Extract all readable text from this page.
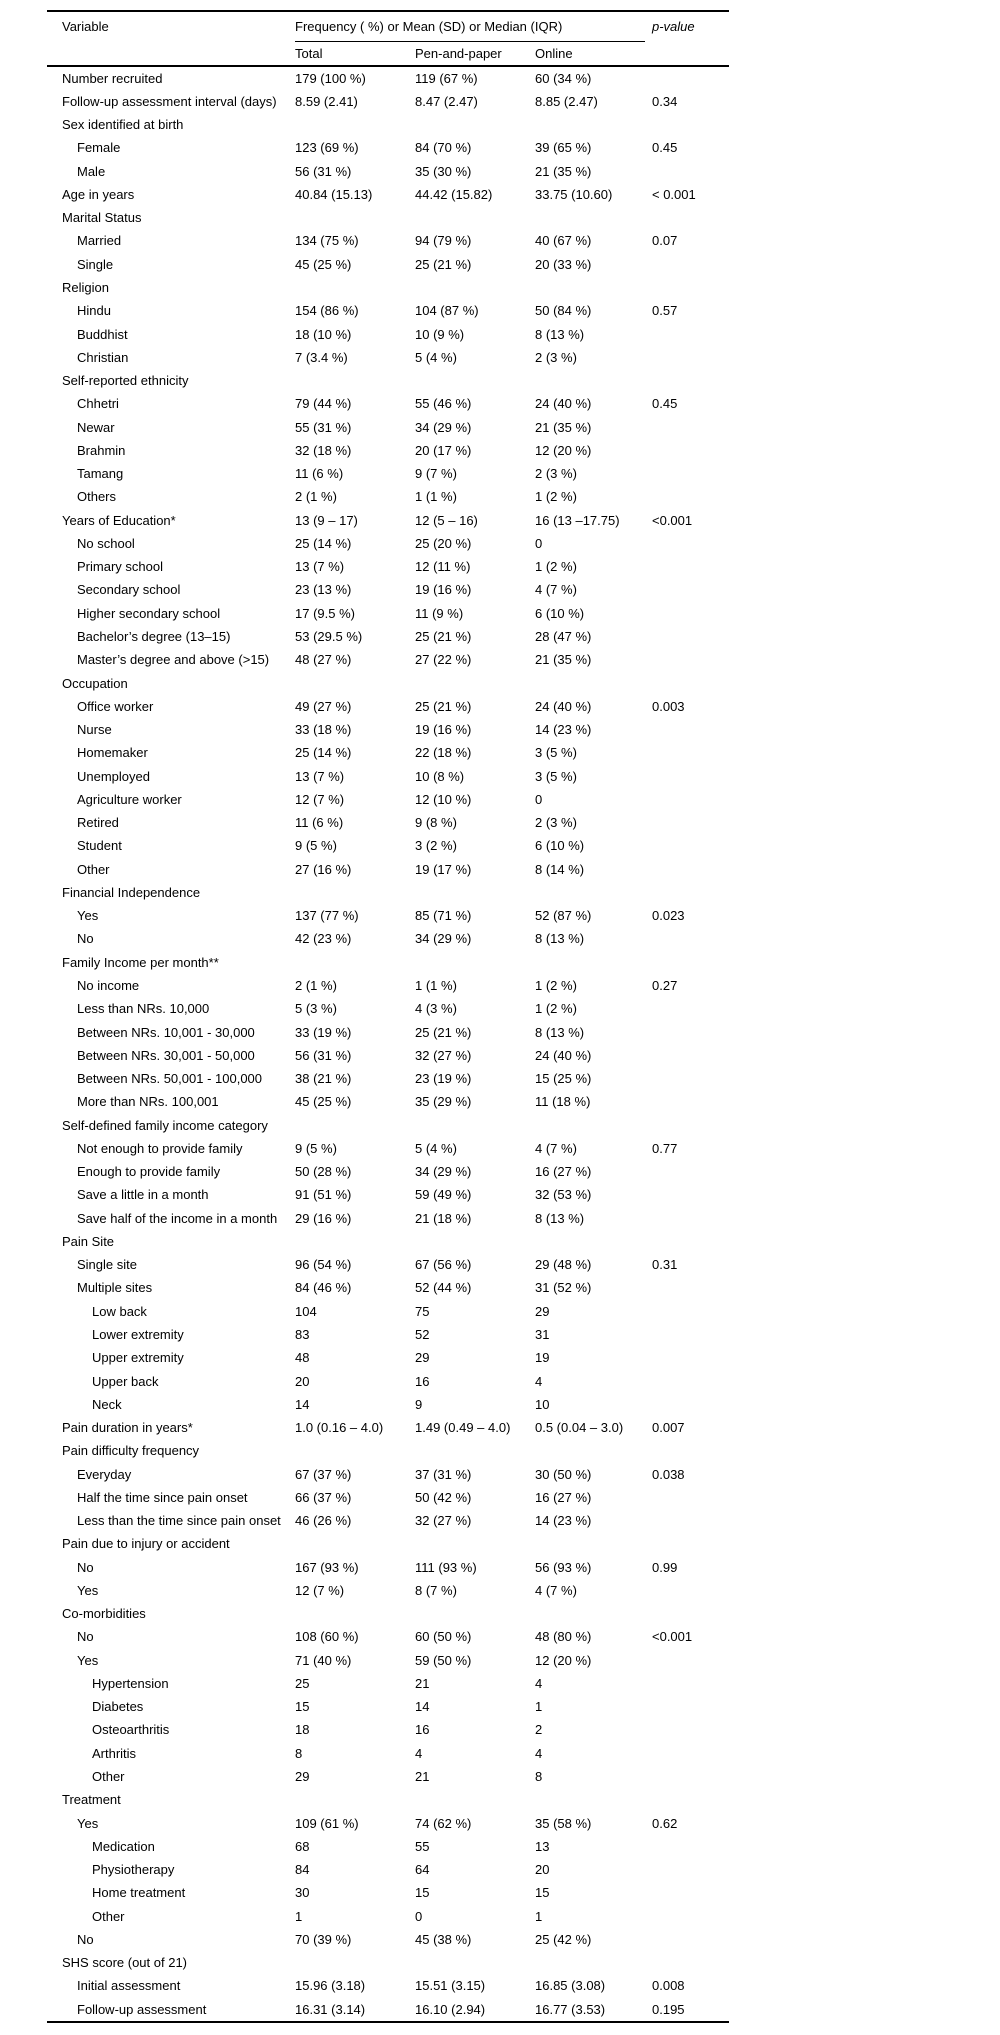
Variable	Frequency ( %) or Mean (SD) or Median (IQR)	p-value
Total	Pen-and-paper	Online
Number recruited	179 (100 %)	119 (67 %)	60 (34 %)
Follow-up assessment interval (days)	8.59 (2.41)	8.47 (2.47)	8.85 (2.47)	0.34
Sex identified at birth
Female	123 (69 %)	84 (70 %)	39 (65 %)	0.45
Male	56 (31 %)	35 (30 %)	21 (35 %)
Age in years	40.84 (15.13)	44.42 (15.82)	33.75 (10.60)	< 0.001
Marital Status
Married	134 (75 %)	94 (79 %)	40 (67 %)	0.07
Single	45 (25 %)	25 (21 %)	20 (33 %)
Religion
Hindu	154 (86 %)	104 (87 %)	50 (84 %)	0.57
Buddhist	18 (10 %)	10 (9 %)	8 (13 %)
Christian	7 (3.4 %)	5 (4 %)	2 (3 %)
Self-reported ethnicity
Chhetri	79 (44 %)	55 (46 %)	24 (40 %)	0.45
Newar	55 (31 %)	34 (29 %)	21 (35 %)
Brahmin	32 (18 %)	20 (17 %)	12 (20 %)
Tamang	11 (6 %)	9 (7 %)	2 (3 %)
Others	2 (1 %)	1 (1 %)	1 (2 %)
Years of Education*	13 (9 – 17)	12 (5 – 16)	16 (13 –17.75)	<0.001
No school	25 (14 %)	25 (20 %)	0
Primary school	13 (7 %)	12 (11 %)	1 (2 %)
Secondary school	23 (13 %)	19 (16 %)	4 (7 %)
Higher secondary school	17 (9.5 %)	11 (9 %)	6 (10 %)
Bachelor’s degree (13–15)	53 (29.5 %)	25 (21 %)	28 (47 %)
Master’s degree and above (>15)	48 (27 %)	27 (22 %)	21 (35 %)
Occupation
Office worker	49 (27 %)	25 (21 %)	24 (40 %)	0.003
Nurse	33 (18 %)	19 (16 %)	14 (23 %)
Homemaker	25 (14 %)	22 (18 %)	3 (5 %)
Unemployed	13 (7 %)	10 (8 %)	3 (5 %)
Agriculture worker	12 (7 %)	12 (10 %)	0
Retired	11 (6 %)	9 (8 %)	2 (3 %)
Student	9 (5 %)	3 (2 %)	6 (10 %)
Other	27 (16 %)	19 (17 %)	8 (14 %)
Financial Independence
Yes	137 (77 %)	85 (71 %)	52 (87 %)	0.023
No	42 (23 %)	34 (29 %)	8 (13 %)
Family Income per month**
No income	2 (1 %)	1 (1 %)	1 (2 %)	0.27
Less than NRs. 10,000	5 (3 %)	4 (3 %)	1 (2 %)
Between NRs. 10,001 - 30,000	33 (19 %)	25 (21 %)	8 (13 %)
Between NRs. 30,001 - 50,000	56 (31 %)	32 (27 %)	24 (40 %)
Between NRs. 50,001 - 100,000	38 (21 %)	23 (19 %)	15 (25 %)
More than NRs. 100,001	45 (25 %)	35 (29 %)	11 (18 %)
Self-defined family income category
Not enough to provide family	9 (5 %)	5 (4 %)	4 (7 %)	0.77
Enough to provide family	50 (28 %)	34 (29 %)	16 (27 %)
Save a little in a month	91 (51 %)	59 (49 %)	32 (53 %)
Save half of the income in a month	29 (16 %)	21 (18 %)	8 (13 %)
Pain Site
Single site	96 (54 %)	67 (56 %)	29 (48 %)	0.31
Multiple sites	84 (46 %)	52 (44 %)	31 (52 %)
Low back	104	75	29
Lower extremity	83	52	31
Upper extremity	48	29	19
Upper back	20	16	4
Neck	14	9	10
Pain duration in years*	1.0 (0.16 – 4.0)	1.49 (0.49 – 4.0)	0.5 (0.04 – 3.0)	0.007
Pain difficulty frequency
Everyday	67 (37 %)	37 (31 %)	30 (50 %)	0.038
Half the time since pain onset	66 (37 %)	50 (42 %)	16 (27 %)
Less than the time since pain onset	46 (26 %)	32 (27 %)	14 (23 %)
Pain due to injury or accident
No	167 (93 %)	111 (93 %)	56 (93 %)	0.99
Yes	12 (7 %)	8 (7 %)	4 (7 %)
Co-morbidities
No	108 (60 %)	60 (50 %)	48 (80 %)	<0.001
Yes	71 (40 %)	59 (50 %)	12 (20 %)
Hypertension	25	21	4
Diabetes	15	14	1
Osteoarthritis	18	16	2
Arthritis	8	4	4
Other	29	21	8
Treatment
Yes	109 (61 %)	74 (62 %)	35 (58 %)	0.62
Medication	68	55	13
Physiotherapy	84	64	20
Home treatment	30	15	15
Other	1	0	1
No	70 (39 %)	45 (38 %)	25 (42 %)
SHS score (out of 21)
Initial assessment	15.96 (3.18)	15.51 (3.15)	16.85 (3.08)	0.008
Follow-up assessment	16.31 (3.14)	16.10 (2.94)	16.77 (3.53)	0.195
